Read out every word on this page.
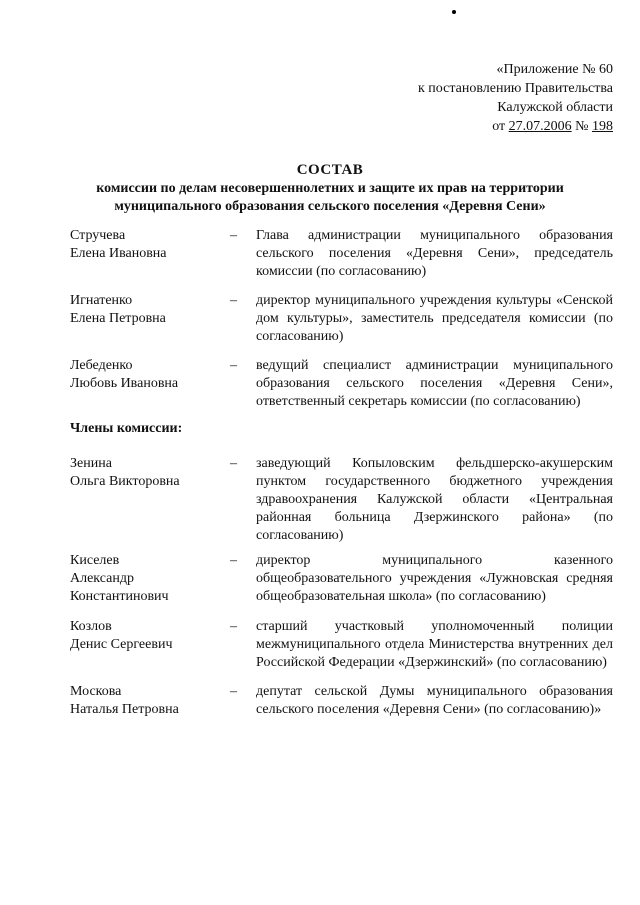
«Приложение № 60
к постановлению Правительства
Калужской области
от 27.07.2006 № 198
СОСТАВ
комиссии по делам несовершеннолетних и защите их прав на территории
муниципального образования сельского поселения «Деревня Сени»
Стручева
Елена Ивановна
– Глава администрации муниципального образования сельского поселения «Деревня Сени», председатель комиссии (по согласованию)
Игнатенко
Елена Петровна
– директор муниципального учреждения культуры «Сенской дом культуры», заместитель председателя комиссии (по согласованию)
Лебеденко
Любовь Ивановна
– ведущий специалист администрации муниципального образования сельского поселения «Деревня Сени», ответственный секретарь комиссии (по согласованию)
Члены комиссии:
Зенина
Ольга Викторовна
– заведующий Копыловским фельдшерско-акушерским пунктом государственного бюджетного учреждения здравоохранения Калужской области «Центральная районная больница Дзержинского района» (по согласованию)
Киселев
Александр
Константинович
– директор муниципального казенного общеобразовательного учреждения «Лужновская средняя общеобразовательная школа» (по согласованию)
Козлов
Денис Сергеевич
– старший участковый уполномоченный полиции межмуниципального отдела Министерства внутренних дел Российской Федерации «Дзержинский» (по согласованию)
Москова
Наталья Петровна
– депутат сельской Думы муниципального образования сельского поселения «Деревня Сени» (по согласованию)»
